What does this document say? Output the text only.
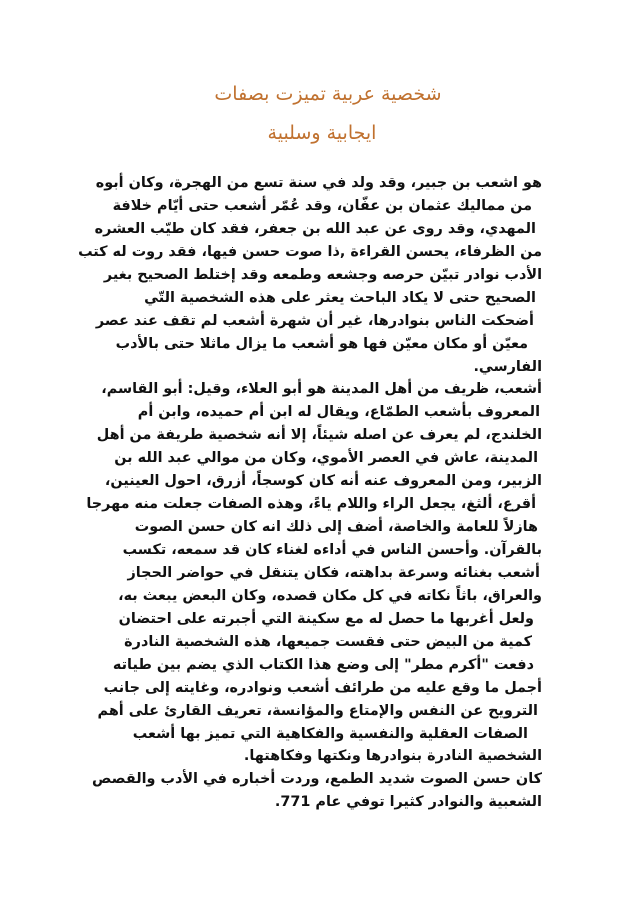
شخصية عربية تميزت بصفات
ايجابية وسلبية
هو اشعب بن جبير، وقد ولد في سنة تسع من الهجرة، وكان أبوه
من مماليك عثمان بن عفّان، وقد عُمّر أشعب حتى أيّام خلافة
المهدي، وقد روى عن عبد الله بن جعفر، فقد كان طيّب العشره
من الظرفاء، يحسن القراءة ,ذا صوت حسن فيها، فقد روت له كتب
الأدب نوادر تبيّن حرصه وجشعه وطمعه وقد إختلط الصحيح بغير
الصحيح حتى لا يكاد الباحث يعثر على هذه الشخصية التّي
أضحكت الناس بنوادرها، غير أن شهرة أشعب لم تقف عند عصر
معيّن أو مكان معيّن فها هو أشعب ما يزال ماثلا حتى بالأدب
الفارسي.
أشعب، ظريف من أهل المدينة هو أبو العلاء، وقيل: أبو القاسم،
المعروف بأشعب الطمّاع، ويقال له ابن أم حميده، وابن أم
الخلندج، لم يعرف عن اصله شيئاً، إلا أنه شخصية طريفة من أهل
المدينة، عاش في العصر الأموي، وكان من موالي عبد الله بن
الزبير، ومن المعروف عنه أنه كان كوسجاً، أزرق، احول العينين،
أقرع، ألثغ، يجعل الراء واللام ياءً، وهذه الصفات جعلت منه مهرجا
هازلاً للعامة والخاصة، أضف إلى ذلك انه كان حسن الصوت
بالقرآن. وأحسن الناس في أداءه لغناء كان قد سمعه، تكسب
أشعب بغنائه وسرعة بداهته، فكان يتنقل في حواضر الحجاز
والعراق، باثاً نكاته في كل مكان قصده، وكان البعض يبعث به،
ولعل أغربها ما حصل له مع سكينة التي أجبرته على احتضان
كمية من البيض حتى فقست جميعها، هذه الشخصية النادرة
دفعت "أكرم مطر" إلى وضع هذا الكتاب الذي يضم بين طياته
أجمل ما وقع عليه من طرائف أشعب ونوادره، وغايته إلى جانب
الترويح عن النفس والإمتاع والمؤانسة، تعريف القارئ على أهم
الصفات العقلية والنفسية والفكاهية التي تميز بها أشعب
الشخصية النادرة بنوادرها ونكتها وفكاهتها.
كان حسن الصوت شديد الطمع، وردت أخباره في الأدب والقصص
الشعبية والنوادر كثيرا توفي عام 771.
